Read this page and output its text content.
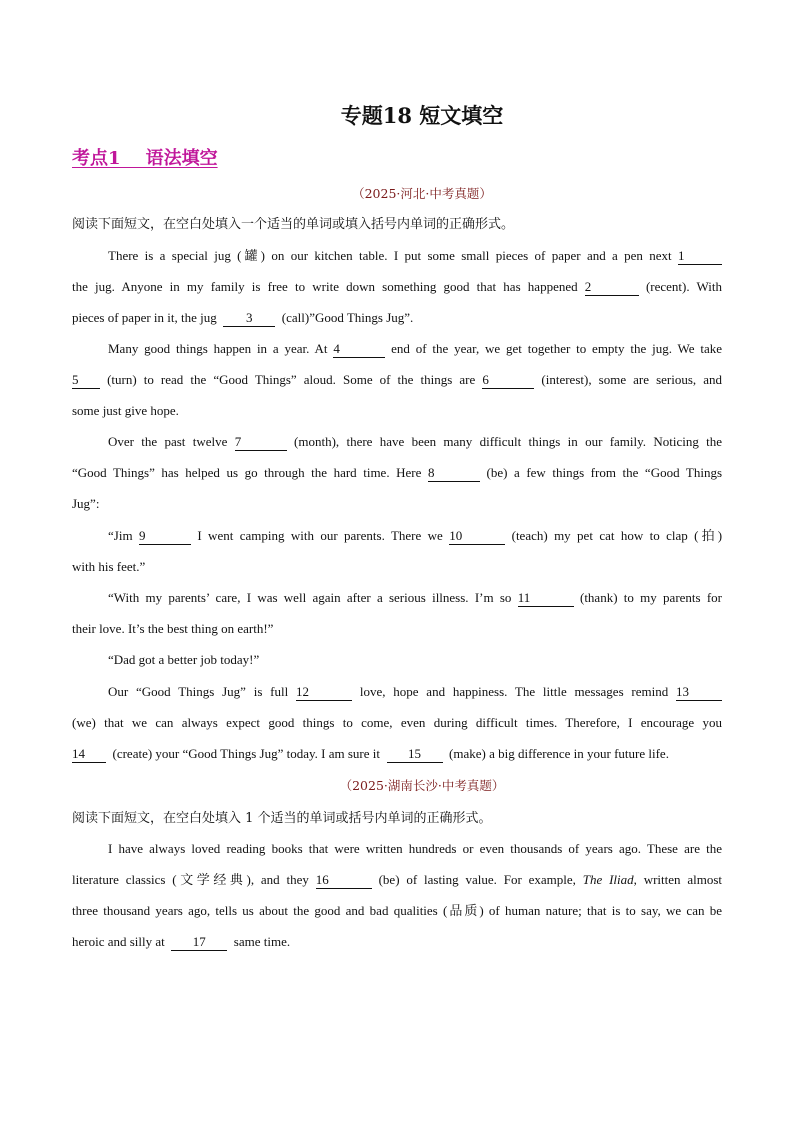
专题18 短文填空
考点1    语法填空
（2025·河北·中考真题）
阅读下面短文，在空白处填入一个适当的单词或填入括号内单词的正确形式。
There is a special jug (罐) on our kitchen table. I put some small pieces of paper and a pen next 1
the jug. Anyone in my family is free to write down something good that has happened 2	(recent). With
pieces of paper in it, the jug 3 (call)”Good Things Jug”.
Many good things happen in a year. At 4	end of the year, we get together to empty the jug. We take
5 (turn) to read the “Good Things” aloud. Some of the things are 6	(interest), some are serious, and
some just give hope.
Over the past twelve 7	(month), there have been many difficult things in our family. Noticing the
“Good Things” has helped us go through the hard time. Here 8	(be) a few things from the “Good Things
Jug”:
“Jim 9	I went camping with our parents. There we 10	(teach) my pet cat how to clap (拍)
with his feet.”
“With my parents’ care, I was well again after a serious illness. I’m so 11	(thank) to my parents for
their love. It’s the best thing on earth!”
“Dad got a better job today!”
Our “Good Things Jug” is full 12	love, hope and happiness. The little messages remind 13
(we) that we can always expect good things to come, even during difficult times. Therefore, I encourage you
14 (create) your “Good Things Jug” today. I am sure it 15 (make) a big difference in your future life.
（2025·湖南长沙·中考真题）
阅读下面短文，在空白处填入 1 个适当的单词或括号内单词的正确形式。
I have always loved reading books that were written hundreds or even thousands of years ago. These are the
literature classics (文学经典), and they 16	(be) of lasting value. For example, The Iliad, written almost
three thousand years ago, tells us about the good and bad qualities (品质) of human nature; that is to say, we can be
heroic and silly at 17 same time.
